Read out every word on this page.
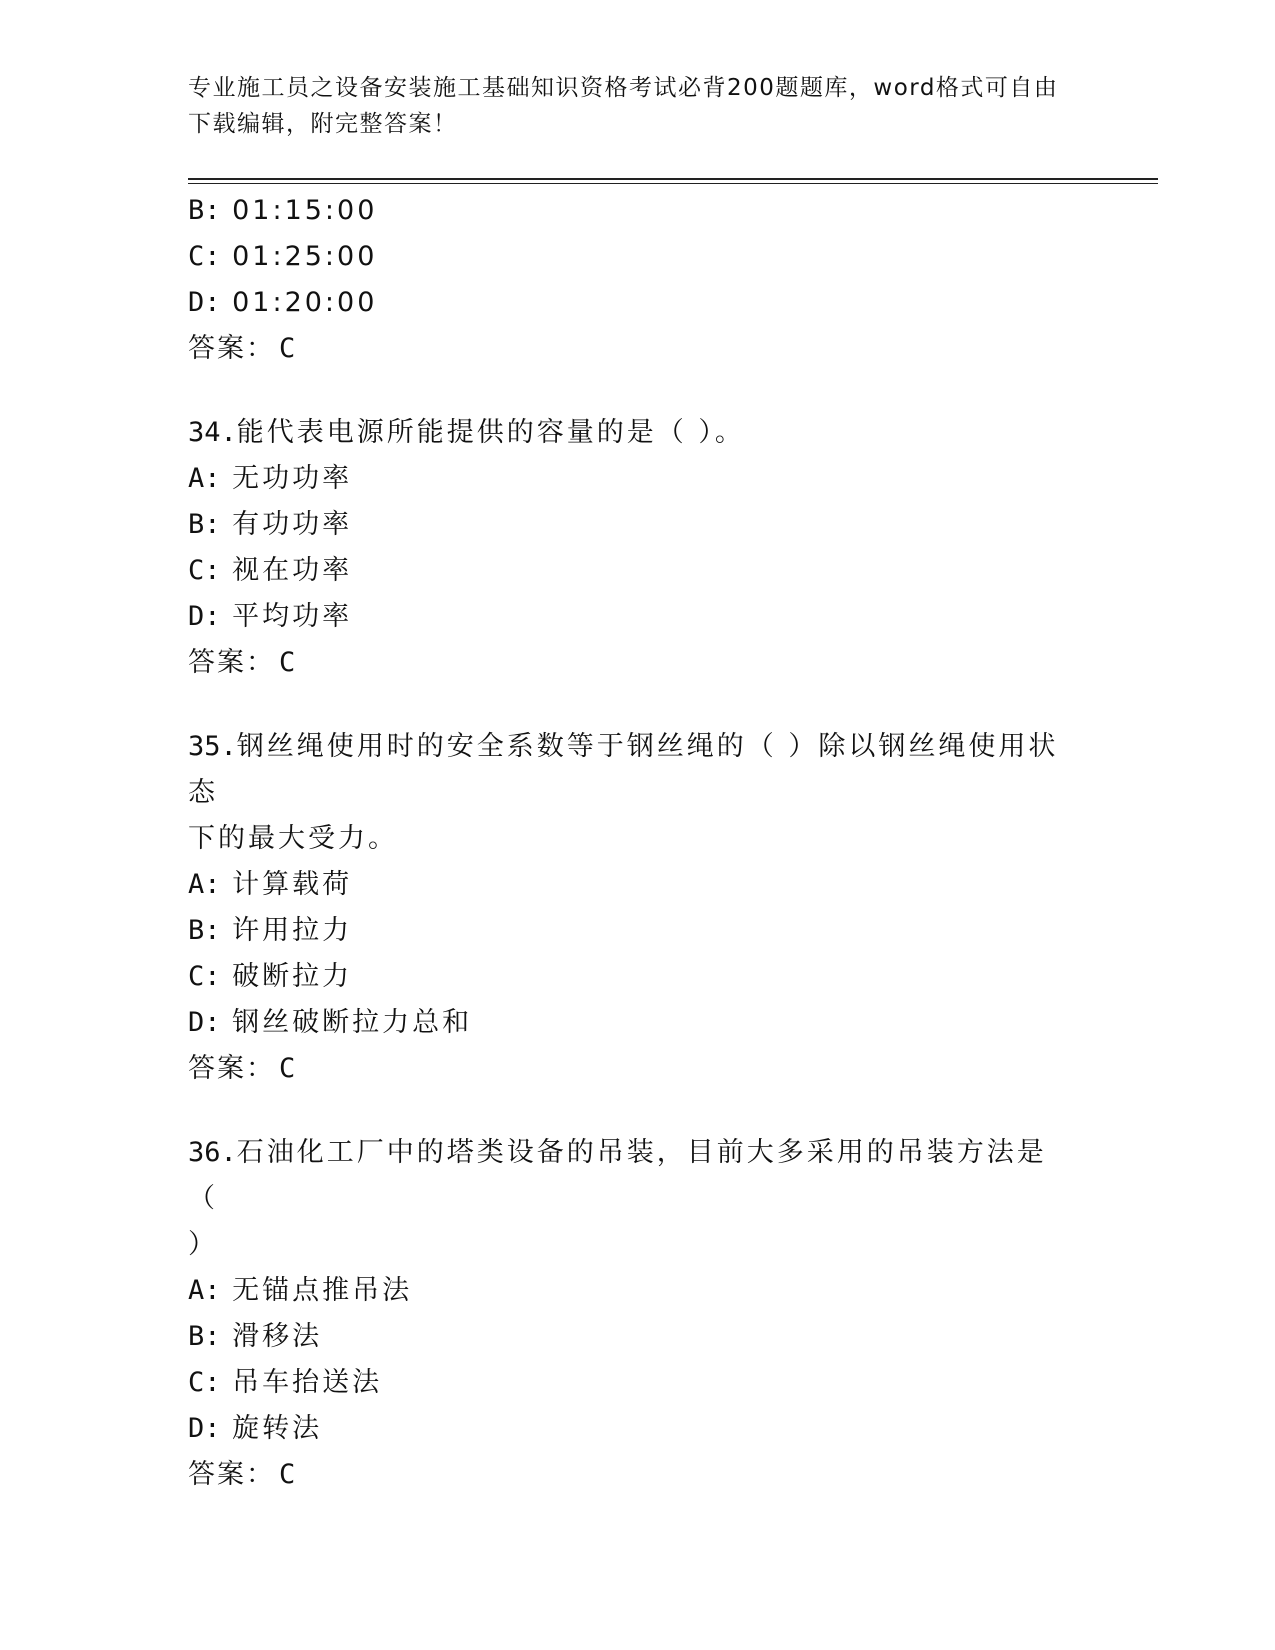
专业施工员之设备安装施工基础知识资格考试必背200题题库，word格式可自由
下载编辑，附完整答案！
B: 01:15:00
C: 01:25:00
D: 01:20:00
答案： C
34.能代表电源所能提供的容量的是（ ）。
A: 无功功率
B: 有功功率
C: 视在功率
D: 平均功率
答案： C
35.钢丝绳使用时的安全系数等于钢丝绳的（ ）除以钢丝绳使用状态
下的最大受力。
A: 计算载荷
B: 许用拉力
C: 破断拉力
D: 钢丝破断拉力总和
答案： C
36.石油化工厂中的塔类设备的吊装，目前大多采用的吊装方法是（
）
A: 无锚点推吊法
B: 滑移法
C: 吊车抬送法
D: 旋转法
答案： C
